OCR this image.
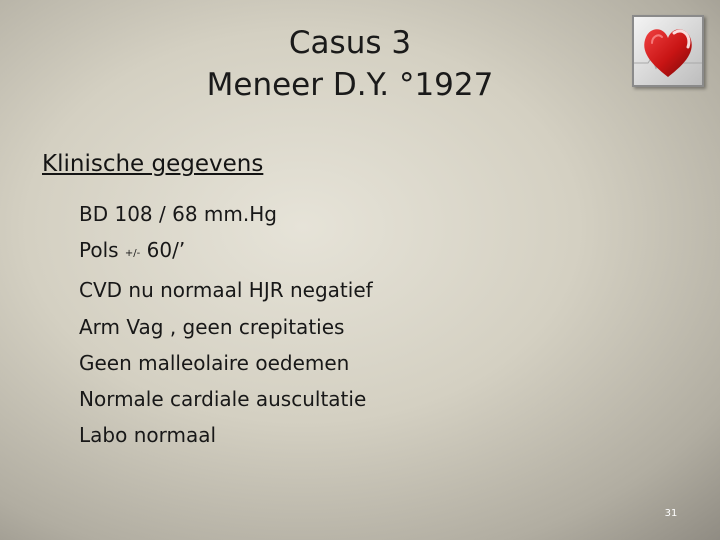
Casus 3
Meneer D.Y. °1927
Klinische gegevens
BD 108 / 68 mm.Hg
Pols +/- 60/’
CVD nu normaal HJR negatief
Arm Vag , geen crepitaties
Geen malleolaire oedemen
Normale cardiale auscultatie
Labo normaal
31
